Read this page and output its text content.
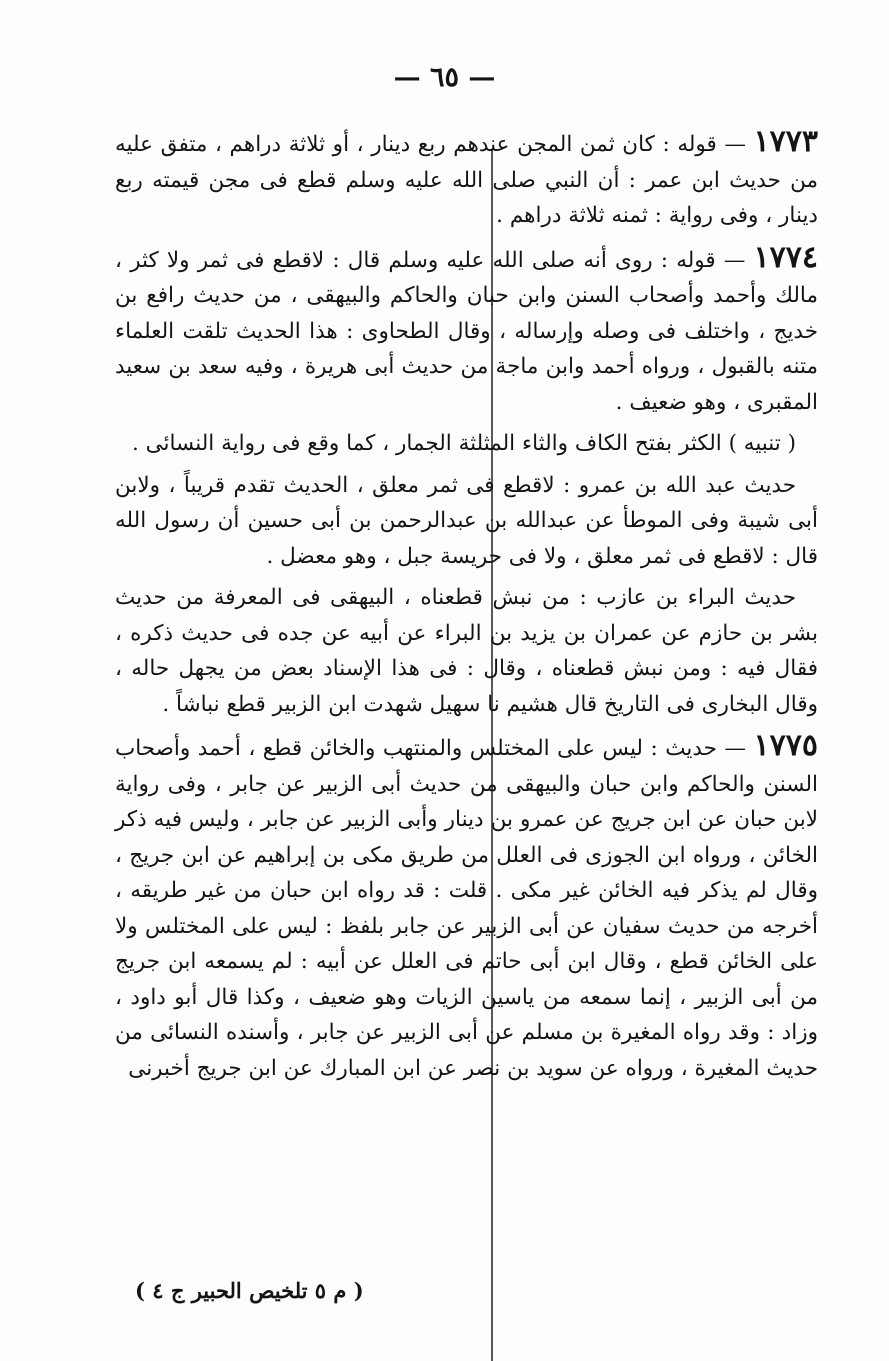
— ٦٥ —

١٧٧٣ — قوله : كان ثمن المجن عندهم ربع دينار ، أو ثلاثة دراهم ، متفق عليه من حديث ابن عمر : أن النبي صلى الله عليه وسلم قطع فى مجن قيمته ربع دينار ، وفى رواية : ثمنه ثلاثة دراهم .

١٧٧٤ — قوله : روى أنه صلى الله عليه وسلم قال : لاقطع فى ثمر ولا كثر ، مالك وأحمد وأصحاب السنن وابن حبان والحاكم والبيهقى ، من حديث رافع بن خديج ، واختلف فى وصله وإرساله ، وقال الطحاوى : هذا الحديث تلقت العلماء متنه بالقبول ، ورواه أحمد وابن ماجة من حديث أبى هريرة ، وفيه سعد بن سعيد المقبرى ، وهو ضعيف .

( تنبيه ) الكثر بفتح الكاف والثاء المثلثة الجمار ، كما وقع فى رواية النسائى .

حديث عبد الله بن عمرو : لاقطع فى ثمر معلق ، الحديث تقدم قريباً ، ولابن أبى شيبة وفى الموطأ عن عبدالله بن عبدالرحمن بن أبى حسين أن رسول الله قال : لاقطع فى ثمر معلق ، ولا فى حريسة جبل ، وهو معضل .

حديث البراء بن عازب : من نبش قطعناه ، البيهقى فى المعرفة من حديث بشر بن حازم عن عمران بن يزيد بن البراء عن أبيه عن جده فى حديث ذكره ، فقال فيه : ومن نبش قطعناه ، وقال : فى هذا الإسناد بعض من يجهل حاله ، وقال البخارى فى التاريخ قال هشيم نا سهيل شهدت ابن الزبير قطع نباشاً .

١٧٧٥ — حديث : ليس على المختلس والمنتهب والخائن قطع ، أحمد وأصحاب السنن والحاكم وابن حبان والبيهقى من حديث أبى الزبير عن جابر ، وفى رواية لابن حبان عن ابن جريج عن عمرو بن دينار وأبى الزبير عن جابر ، وليس فيه ذكر الخائن ، ورواه ابن الجوزى فى العلل من طريق مكى بن إبراهيم عن ابن جريج ، وقال لم يذكر فيه الخائن غير مكى . قلت : قد رواه ابن حبان من غير طريقه ، أخرجه من حديث سفيان عن أبى الزبير عن جابر بلفظ : ليس على المختلس ولا على الخائن قطع ، وقال ابن أبى حاتم فى العلل عن أبيه : لم يسمعه ابن جريج من أبى الزبير ، إنما سمعه من ياسين الزيات وهو ضعيف ، وكذا قال أبو داود ، وزاد : وقد رواه المغيرة بن مسلم عن أبى الزبير عن جابر ، وأسنده النسائى من حديث المغيرة ، ورواه عن سويد بن نصر عن ابن المبارك عن ابن جريج أخبرنى

( م ٥ تلخيص الحبير ج ٤ )
